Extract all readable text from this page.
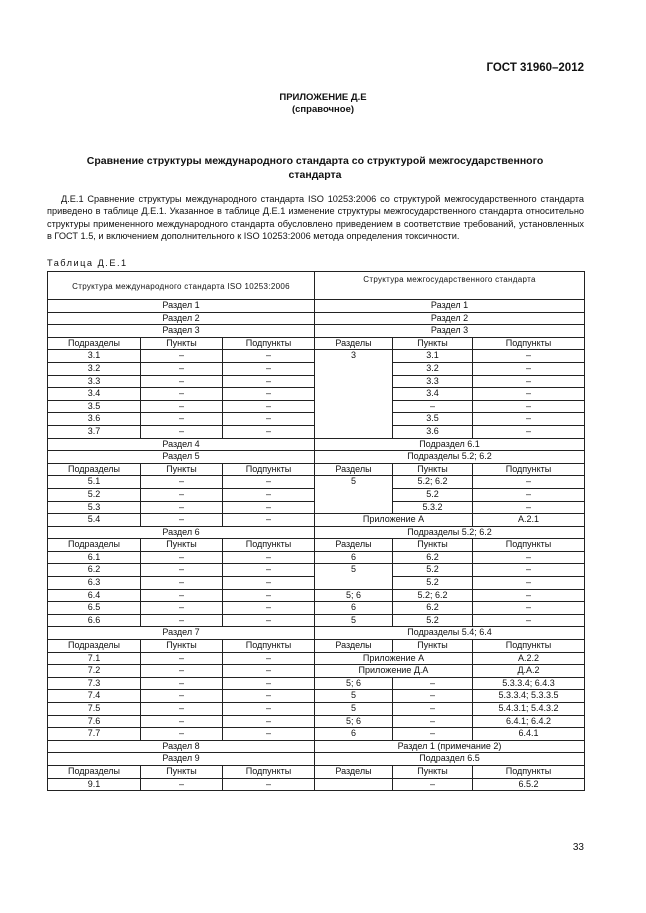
ГОСТ 31960–2012
ПРИЛОЖЕНИЕ Д.Е
(справочное)
Сравнение структуры международного стандарта со структурой межгосударственного стандарта

Д.Е.1 Сравнение структуры международного стандарта ISO 10253:2006 со структурой межгосударственного стандарта приведено в таблице Д.Е.1. Указанное в таблице Д.Е.1 изменение структуры межгосударственного стандарта относительно структуры примененного международного стандарта обусловлено приведением в соответствие требований, установленных в ГОСТ 1.5, и включением дополнительного к ISO 10253:2006 метода определения токсичности.

Таблица Д.Е.1
Структура международного стандарта ISO 10253:2006			Структура межгосударственного стандарта		
Раздел 1			Раздел 1		
Раздел 2			Раздел 2		
Раздел 3			Раздел 3		
Подразделы	Пункты	Подпункты	Разделы	Пункты	Подпункты
3.1	–	–	3	3.1	–
3.2	–	–		3.2	–
3.3	–	–		3.3	–
3.4	–	–		3.4	–
3.5	–	–		–	–
3.6	–	–		3.5	–
3.7	–	–		3.6	–
Раздел 4			Подраздел 6.1		
Раздел 5			Подразделы 5.2; 6.2		
Подразделы	Пункты	Подпункты	Разделы	Пункты	Подпункты
5.1	–	–	5	5.2; 6.2	–
5.2	–	–		5.2	–
5.3	–	–		5.3.2	–
5.4	–	–	Приложение А		А.2.1
Раздел 6			Подразделы 5.2; 6.2		
Подразделы	Пункты	Подпункты	Разделы	Пункты	Подпункты
6.1	–	–	6	6.2	–
6.2	–	–	5	5.2	–
6.3	–	–		5.2	–
6.4	–	–	5; 6	5.2; 6.2	–
6.5	–	–	6	6.2	–
6.6	–	–	5	5.2	–
Раздел 7			Подразделы 5.4; 6.4		
Подразделы	Пункты	Подпункты	Разделы	Пункты	Подпункты
7.1	–	–	Приложение А		А.2.2
7.2	–	–	Приложение Д.А		Д.А.2
7.3	–	–	5; 6	–	5.3.3.4; 6.4.3
7.4	–	–	5	–	5.3.3.4; 5.3.3.5
7.5	–	–	5	–	5.4.3.1; 5.4.3.2
7.6	–	–	5; 6	–	6.4.1; 6.4.2
7.7	–	–	6	–	6.4.1
Раздел 8			Раздел 1 (примечание 2)		
Раздел 9			Подраздел 6.5		
Подразделы	Пункты	Подпункты	Разделы	Пункты	Подпункты
9.1	–	–		–	6.5.2
33
